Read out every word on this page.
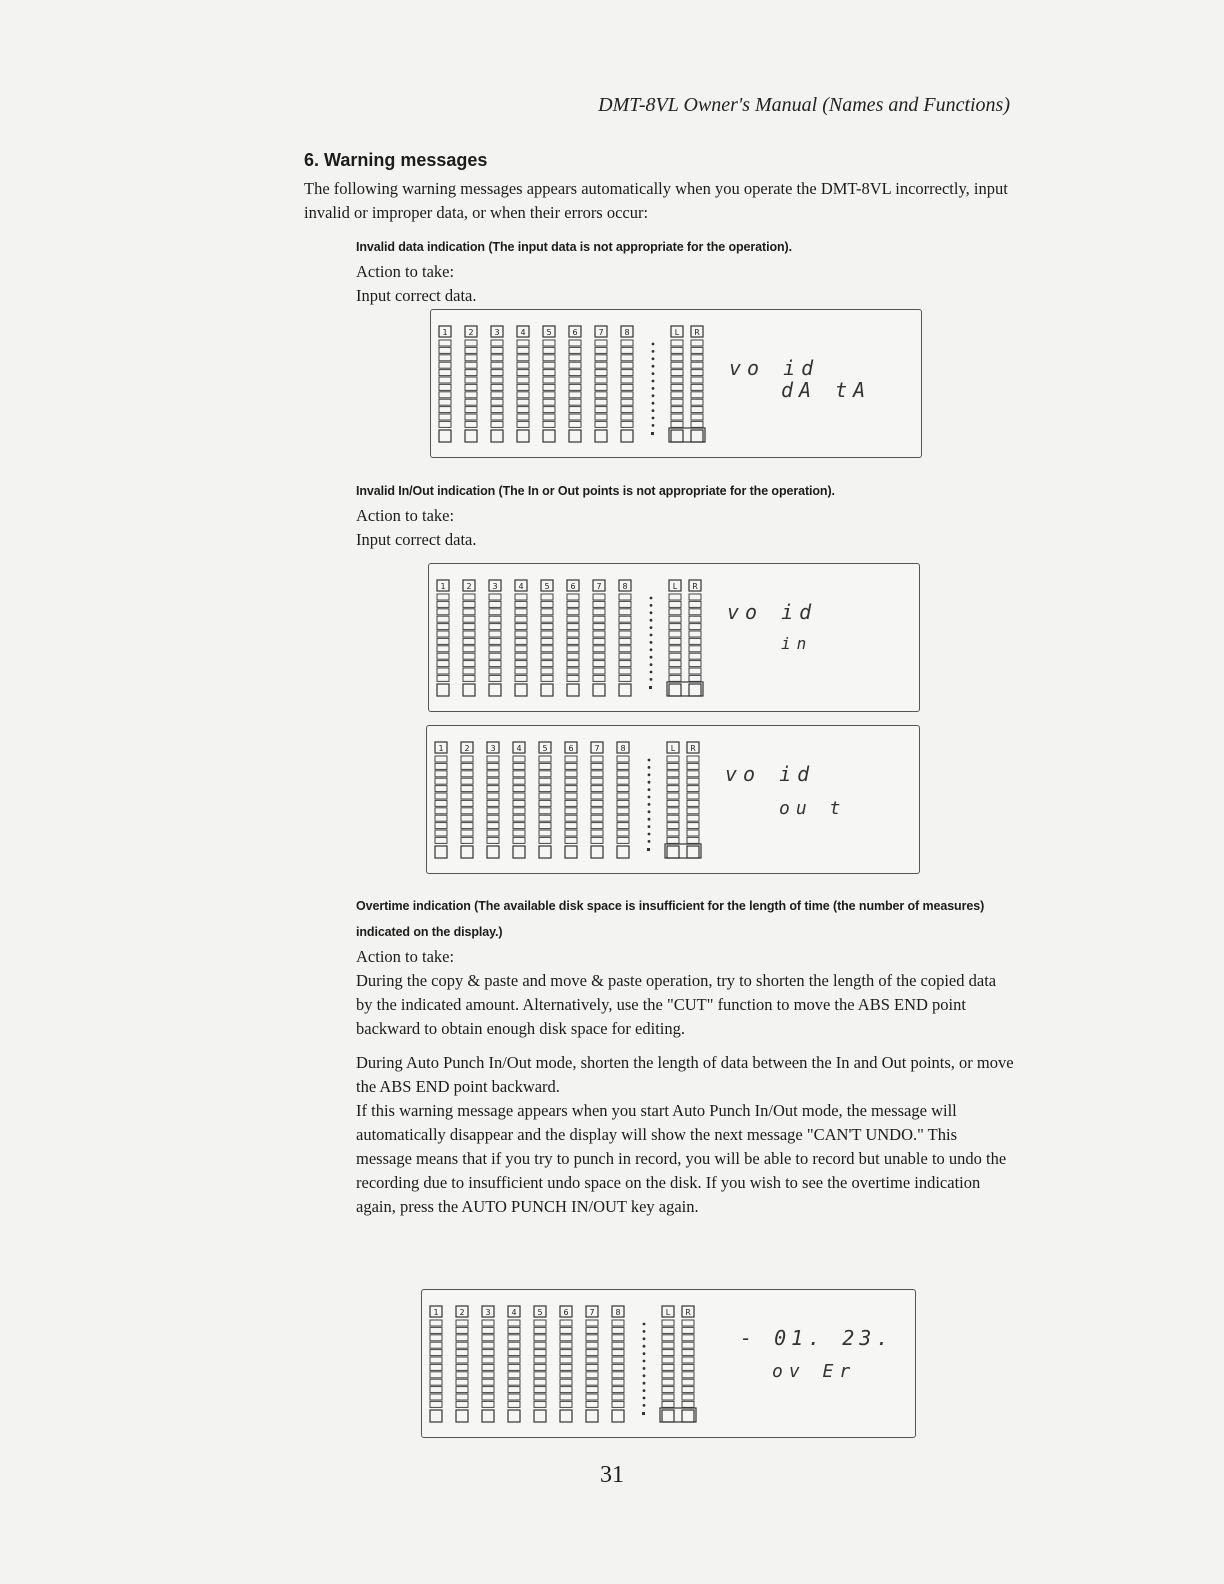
DMT-8VL Owner's Manual (Names and Functions)
6. Warning messages
The following warning messages appears automatically when you operate the DMT-8VL incorrectly, input invalid or improper data, or when their errors occur:
Invalid data indication (The input data is not appropriate for the operation).
Action to take:
Input correct data.
1	2	3	4	5	6	7	8	L R
vo id
dA tA
Invalid In/Out indication (The In or Out points is not appropriate for the operation).
Action to take:
Input correct data.
1	2	3	4	5	6	7	8	L R
vo id
in
1	2	3	4	5	6	7	8	L R
vo id
ou t
Overtime indication (The available disk space is insufficient for the length of time (the number of measures) indicated on the display.)
Action to take:
During the copy & paste and move & paste operation, try to shorten the length of the copied data by the indicated amount. Alternatively, use the "CUT" function to move the ABS END point backward to obtain enough disk space for editing.
During Auto Punch In/Out mode, shorten the length of data between the In and Out points, or move the ABS END point backward.
If this warning message appears when you start Auto Punch In/Out mode, the message will automatically disappear and the display will show the next message "CAN'T UNDO." This message means that if you try to punch in record, you will be able to record but unable to undo the recording due to insufficient undo space on the disk. If you wish to see the overtime indication again, press the AUTO PUNCH IN/OUT key again.
1	2	3	4	5	6	7	8	L R
- 01. 23.
ov Er
31
